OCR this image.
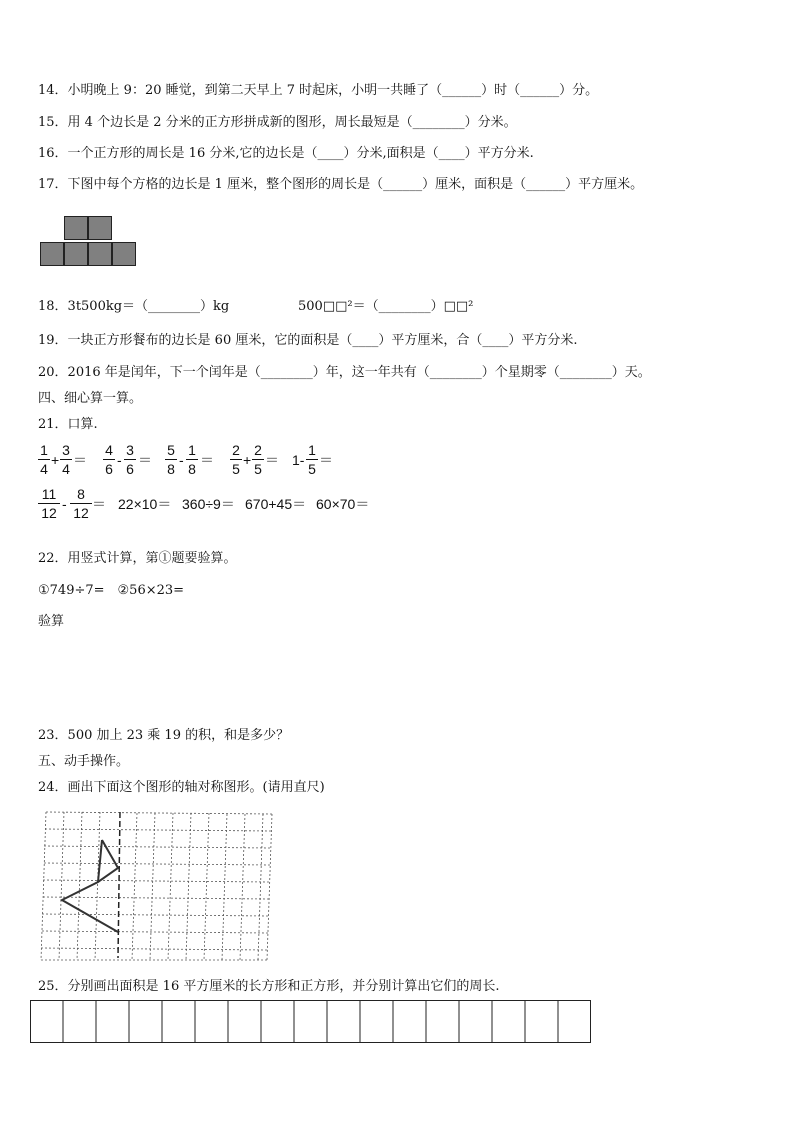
14．小明晚上 9：20 睡觉，到第二天早上 7 时起床，小明一共睡了（______）时（______）分。
15．用 4 个边长是 2 分米的正方形拼成新的图形，周长最短是（________）分米。
16．一个正方形的周长是 16 分米,它的边长是（____）分米,面积是（____）平方分米.
17．下图中每个方格的边长是 1 厘米，整个图形的周长是（______）厘米，面积是（______）平方厘米。
18．3t500kg＝（________）kg	500□□²＝（________）□□²
19．一块正方形餐布的边长是 60 厘米，它的面积是（____）平方厘米，合（____）平方分米.
20．2016 年是闰年，下一个闰年是（________）年，这一年共有（________）个星期零（________）天。
四、细心算一算。
21．口算.
1
4
+
3
4
＝
4
6
-
3
6
＝
5
8
-
1
8
＝
2
5
+
2
5
＝ 1-
1
5
＝
11
12
-
8
12
＝ 22×10＝ 360÷9＝ 670+45＝ 60×70＝
22．用竖式计算，第①题要验算。
①749÷7=　②56×23=
验算
23．500 加上 23 乘 19 的积，和是多少？
五、动手操作。
24．画出下面这个图形的轴对称图形。(请用直尺)
25．分别画出面积是 16 平方厘米的长方形和正方形，并分别计算出它们的周长.
